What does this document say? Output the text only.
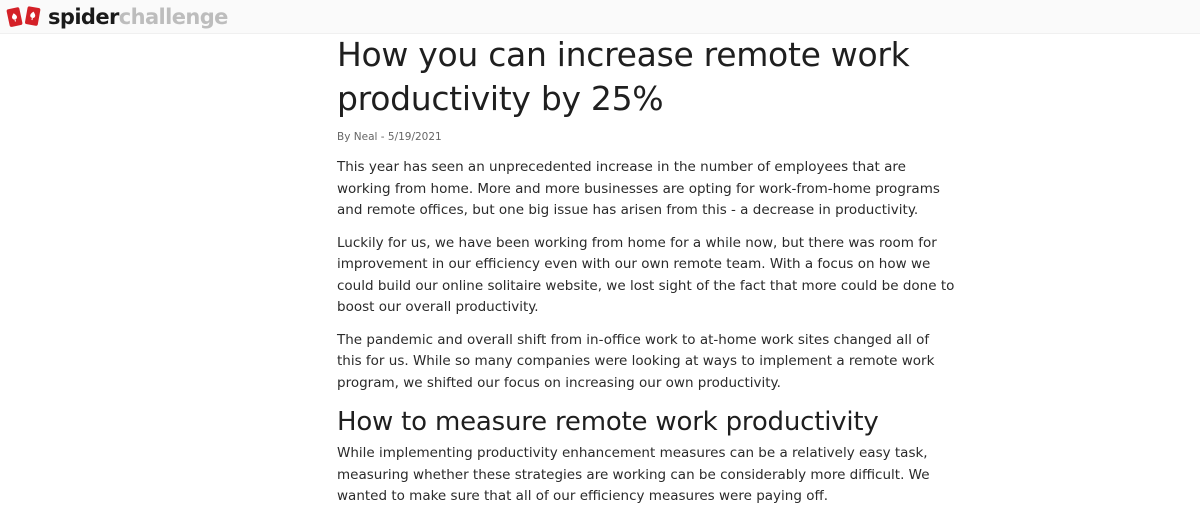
spiderchallenge
How you can increase remote work productivity by 25%
By Neal - 5/19/2021

This year has seen an unprecedented increase in the number of employees that are working from home. More and more businesses are opting for work-from-home programs and remote offices, but one big issue has arisen from this - a decrease in productivity.

Luckily for us, we have been working from home for a while now, but there was room for improvement in our efficiency even with our own remote team. With a focus on how we could build our online solitaire website, we lost sight of the fact that more could be done to boost our overall productivity.

The pandemic and overall shift from in-office work to at-home work sites changed all of this for us. While so many companies were looking at ways to implement a remote work program, we shifted our focus on increasing our own productivity.

How to measure remote work productivity

While implementing productivity enhancement measures can be a relatively easy task, measuring whether these strategies are working can be considerably more difficult. We wanted to make sure that all of our efficiency measures were paying off.
